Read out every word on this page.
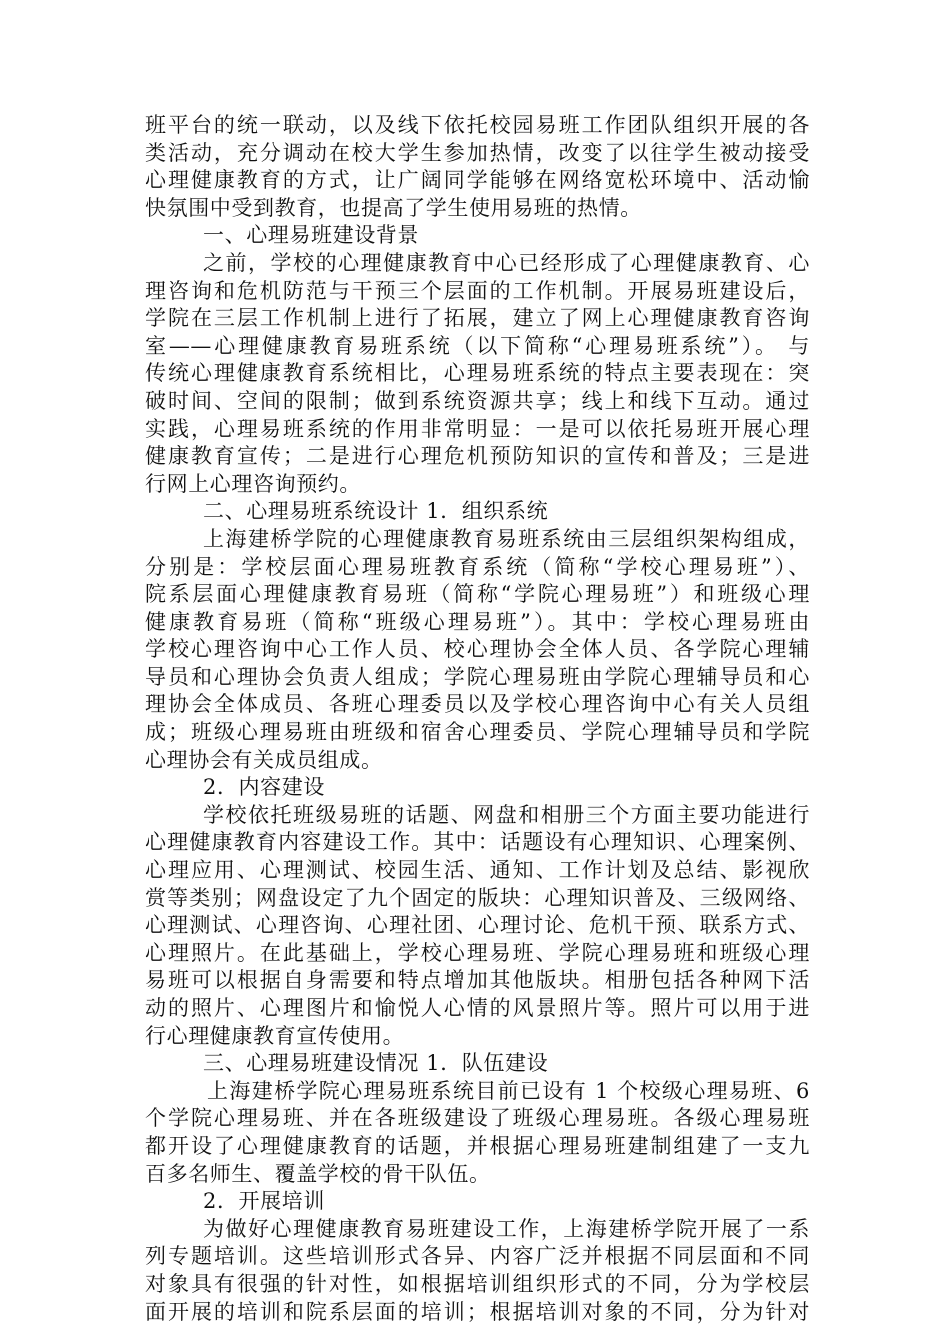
班平台的统一联动，以及线下依托校园易班工作团队组织开展的各
类活动，充分调动在校大学生参加热情，改变了以往学生被动接受
心理健康教育的方式，让广阔同学能够在网络宽松环境中、活动愉
快氛围中受到教育，也提高了学生使用易班的热情。
一、心理易班建设背景
之前，学校的心理健康教育中心已经形成了心理健康教育、心
理咨询和危机防范与干预三个层面的工作机制。开展易班建设后，
学院在三层工作机制上进行了拓展，建立了网上心理健康教育咨询
室——心理健康教育易班系统（以下简称“心理易班系统”）。 与
传统心理健康教育系统相比，心理易班系统的特点主要表现在：突
破时间、空间的限制；做到系统资源共享；线上和线下互动。通过
实践，心理易班系统的作用非常明显：一是可以依托易班开展心理
健康教育宣传；二是进行心理危机预防知识的宣传和普及；三是进
行网上心理咨询预约。
二、心理易班系统设计 1．组织系统
上海建桥学院的心理健康教育易班系统由三层组织架构组成，
分别是：学校层面心理易班教育系统（简称“学校心理易班”）、
院系层面心理健康教育易班（简称“学院心理易班”）和班级心理
健康教育易班（简称“班级心理易班”）。其中：学校心理易班由
学校心理咨询中心工作人员、校心理协会全体人员、各学院心理辅
导员和心理协会负责人组成；学院心理易班由学院心理辅导员和心
理协会全体成员、各班心理委员以及学校心理咨询中心有关人员组
成；班级心理易班由班级和宿舍心理委员、学院心理辅导员和学院
心理协会有关成员组成。
2．内容建设
学校依托班级易班的话题、网盘和相册三个方面主要功能进行
心理健康教育内容建设工作。其中：话题设有心理知识、心理案例、
心理应用、心理测试、校园生活、通知、工作计划及总结、影视欣
赏等类别；网盘设定了九个固定的版块：心理知识普及、三级网络、
心理测试、心理咨询、心理社团、心理讨论、危机干预、联系方式、
心理照片。在此基础上，学校心理易班、学院心理易班和班级心理
易班可以根据自身需要和特点增加其他版块。相册包括各种网下活
动的照片、心理图片和愉悦人心情的风景照片等。照片可以用于进
行心理健康教育宣传使用。
三、心理易班建设情况 1．队伍建设
上海建桥学院心理易班系统目前已设有 1 个校级心理易班、6
个学院心理易班、并在各班级建设了班级心理易班。各级心理易班
都开设了心理健康教育的话题，并根据心理易班建制组建了一支九
百多名师生、覆盖学校的骨干队伍。
2．开展培训
为做好心理健康教育易班建设工作，上海建桥学院开展了一系
列专题培训。这些培训形式各异、内容广泛并根据不同层面和不同
对象具有很强的针对性，如根据培训组织形式的不同，分为学校层
面开展的培训和院系层面的培训；根据培训对象的不同，分为针对
